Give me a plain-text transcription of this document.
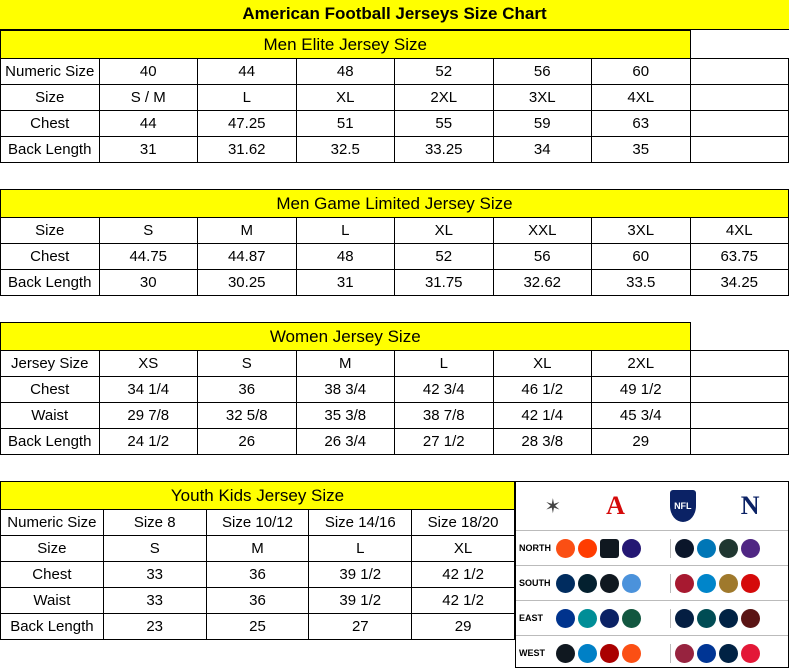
American Football Jerseys Size Chart
Men Elite Jersey Size							
Numeric Size	40	44	48	52	56	60	
Size	S / M	L	XL	2XL	3XL	4XL	
Chest	44	47.25	51	55	59	63	
Back Length	31	31.62	32.5	33.25	34	35	

Men Game Limited Jersey Size							
Size	S	M	L	XL	XXL	3XL	4XL
Chest	44.75	44.87	48	52	56	60	63.75
Back Length	30	30.25	31	31.75	32.62	33.5	34.25

Women Jersey Size							
Jersey Size	XS	S	M	L	XL	2XL	
Chest	34 1/4	36	38 3/4	42 3/4	46 1/2	49 1/2	
Waist	29 7/8	32 5/8	35 3/8	38 7/8	42 1/4	45 3/4	
Back Length	24 1/2	26	26 3/4	27 1/2	28 3/8	29	

Youth Kids Jersey Size				
Numeric Size	Size 8	Size 10/12	Size 14/16	Size 18/20
Size	S	M	L	XL
Chest	33	36	39 1/2	42 1/2
Waist	33	36	39 1/2	42 1/2
Back Length	23	25	27	29
✶ A	NFL N
NORTH
SOUTH
EAST
WEST
